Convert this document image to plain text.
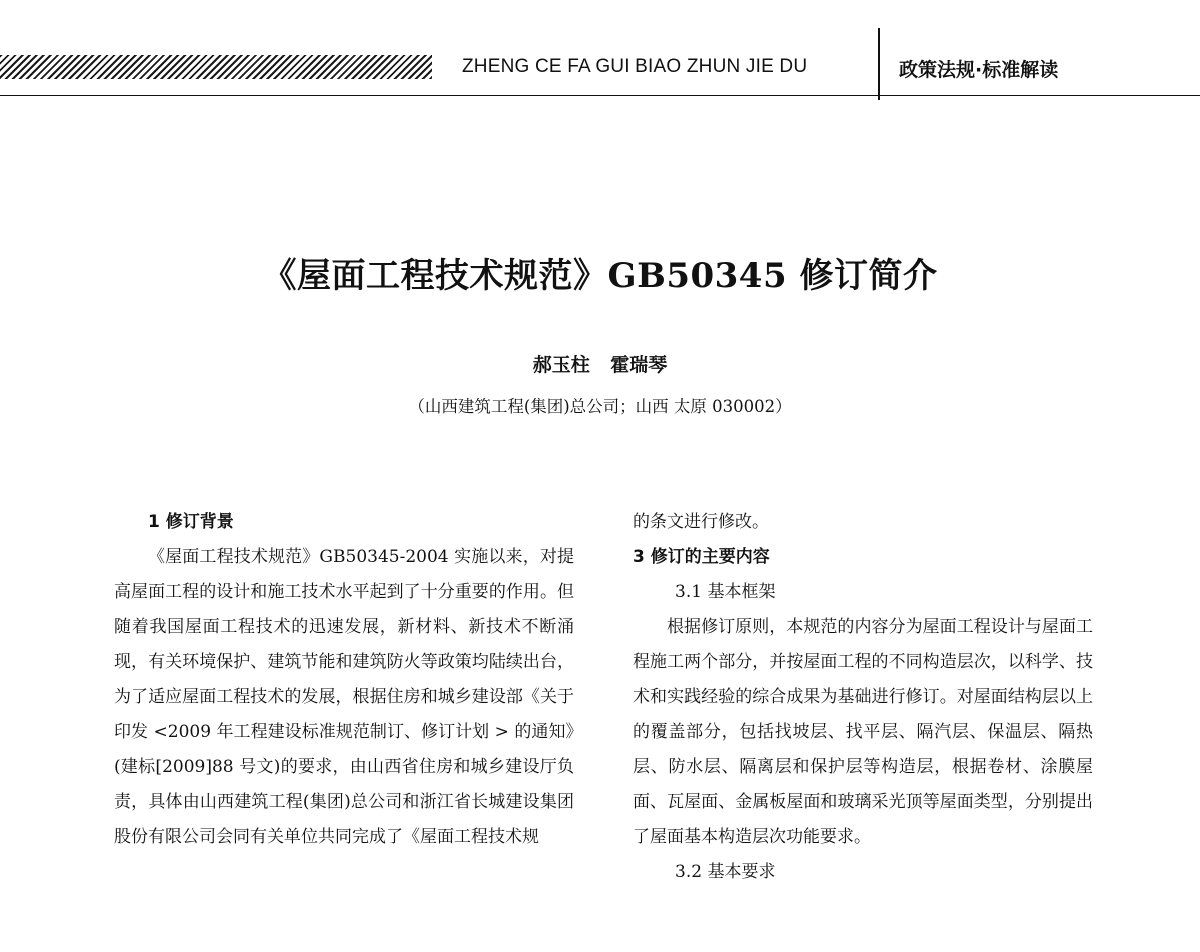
ZHENG CE FA GUI BIAO ZHUN JIE DU	政策法规·标准解读
《屋面工程技术规范》GB50345 修订简介
郝玉柱 霍瑞琴
（山西建筑工程(集团)总公司；山西 太原 030002）

1 修订背景

《屋面工程技术规范》GB50345-2004 实施以来，对提高屋面工程的设计和施工技术水平起到了十分重要的作用。但随着我国屋面工程技术的迅速发展，新材料、新技术不断涌现，有关环境保护、建筑节能和建筑防火等政策均陆续出台，为了适应屋面工程技术的发展，根据住房和城乡建设部《关于印发 <2009 年工程建设标准规范制订、修订计划 > 的通知》(建标[2009]88 号文)的要求，由山西省住房和城乡建设厅负责，具体由山西建筑工程(集团)总公司和浙江省长城建设集团股份有限公司会同有关单位共同完成了《屋面工程技术规

的条文进行修改。

3 修订的主要内容

3.1 基本框架

根据修订原则，本规范的内容分为屋面工程设计与屋面工程施工两个部分，并按屋面工程的不同构造层次，以科学、技术和实践经验的综合成果为基础进行修订。对屋面结构层以上的覆盖部分，包括找坡层、找平层、隔汽层、保温层、隔热层、防水层、隔离层和保护层等构造层，根据卷材、涂膜屋面、瓦屋面、金属板屋面和玻璃采光顶等屋面类型，分别提出了屋面基本构造层次功能要求。

3.2 基本要求
